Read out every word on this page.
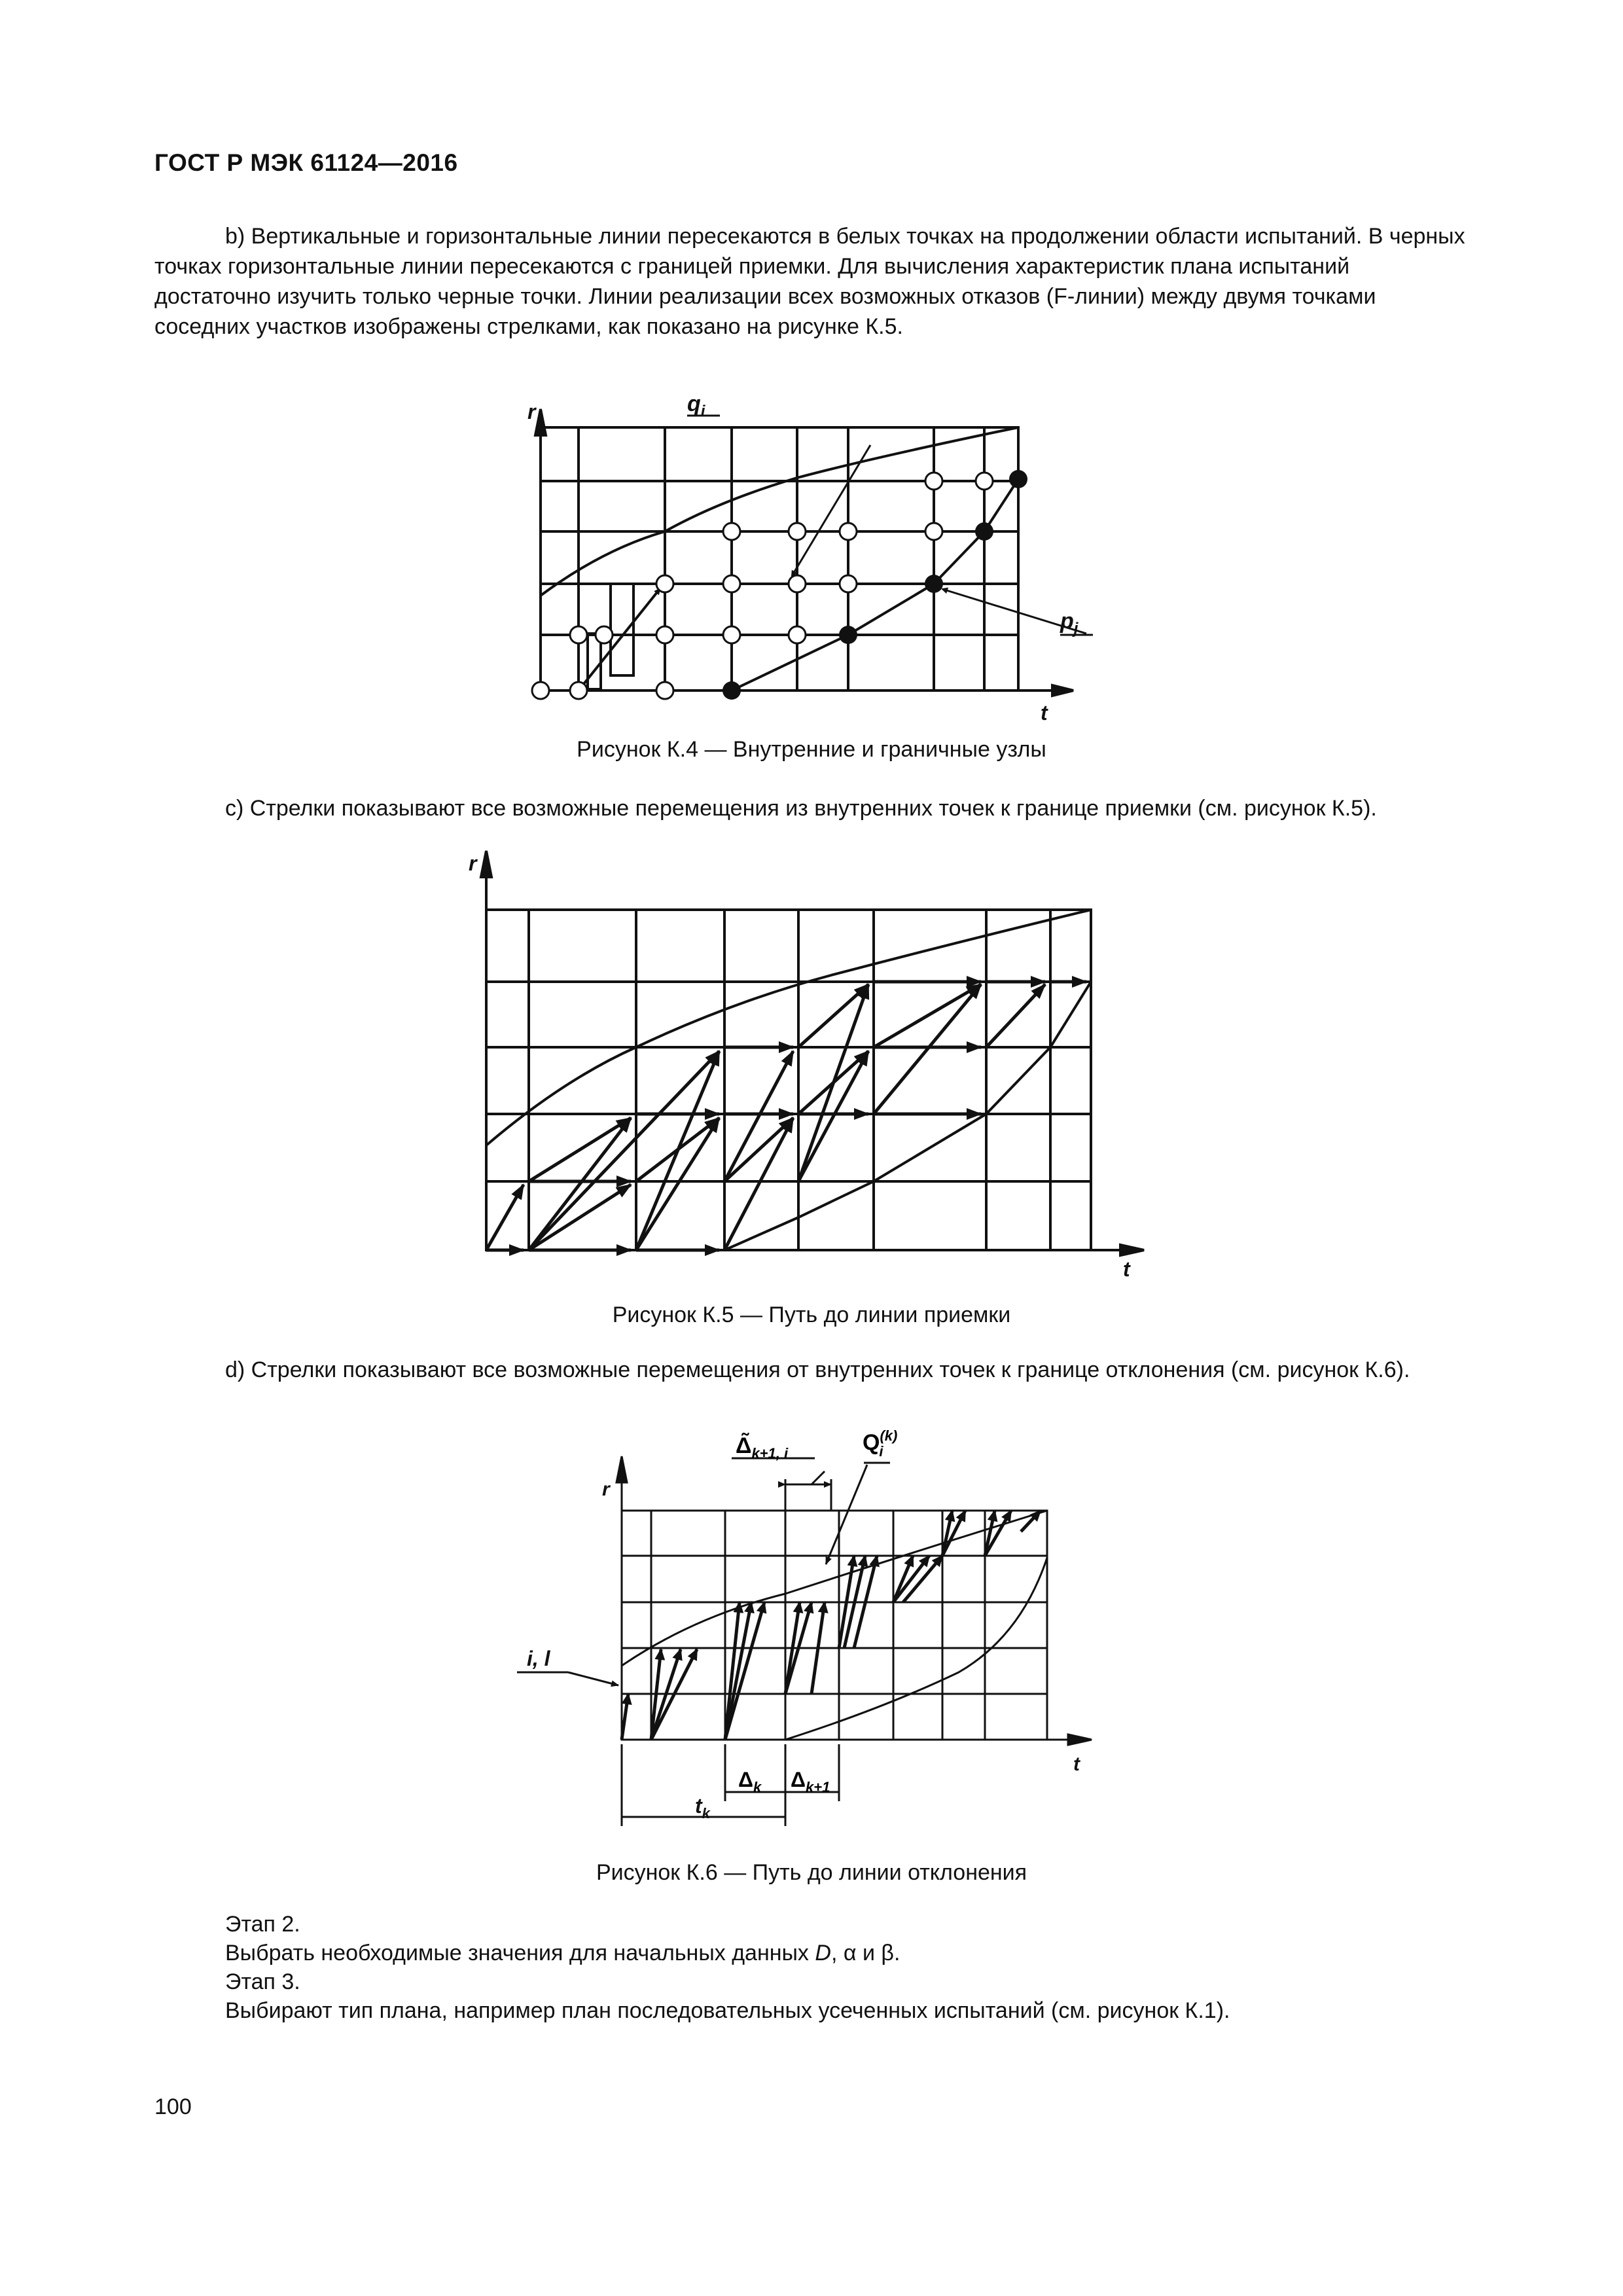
ГОСТ Р МЭК 61124—2016
b) Вертикальные и горизонтальные линии пересекаются в белых точках на продолжении области испытаний. В черных точках горизонтальные линии пересекаются с границей приемки. Для вычисления характеристик плана испытаний достаточно изучить только черные точки. Линии реализации всех возможных отказов (F-линии) между двумя точками соседних участков изображены стрелками, как показано на рисунке К.5.
r
t
$q_i$
$p_j$
Рисунок К.4 — Внутренние и граничные узлы
c) Стрелки показывают все возможные перемещения из внутренних точек к границе приемки (см. рисунок К.5).
r
t
Рисунок К.5 — Путь до линии приемки
d) Стрелки показывают все возможные перемещения от внутренних точек к границе отклонения (см. рисунок К.6).
r
t
i, l
$\Deltã_{k+1, i}$	$Q^{(k)}$ i
$\Delta_k$ $\Delta_{k+1}$
$t_k$
Рисунок К.6 — Путь до линии отклонения
Этап 2.
Выбрать необходимые значения для начальных данных D, α и β.
Этап 3.
Выбирают тип плана, например план последовательных усеченных испытаний (см. рисунок К.1).
100
